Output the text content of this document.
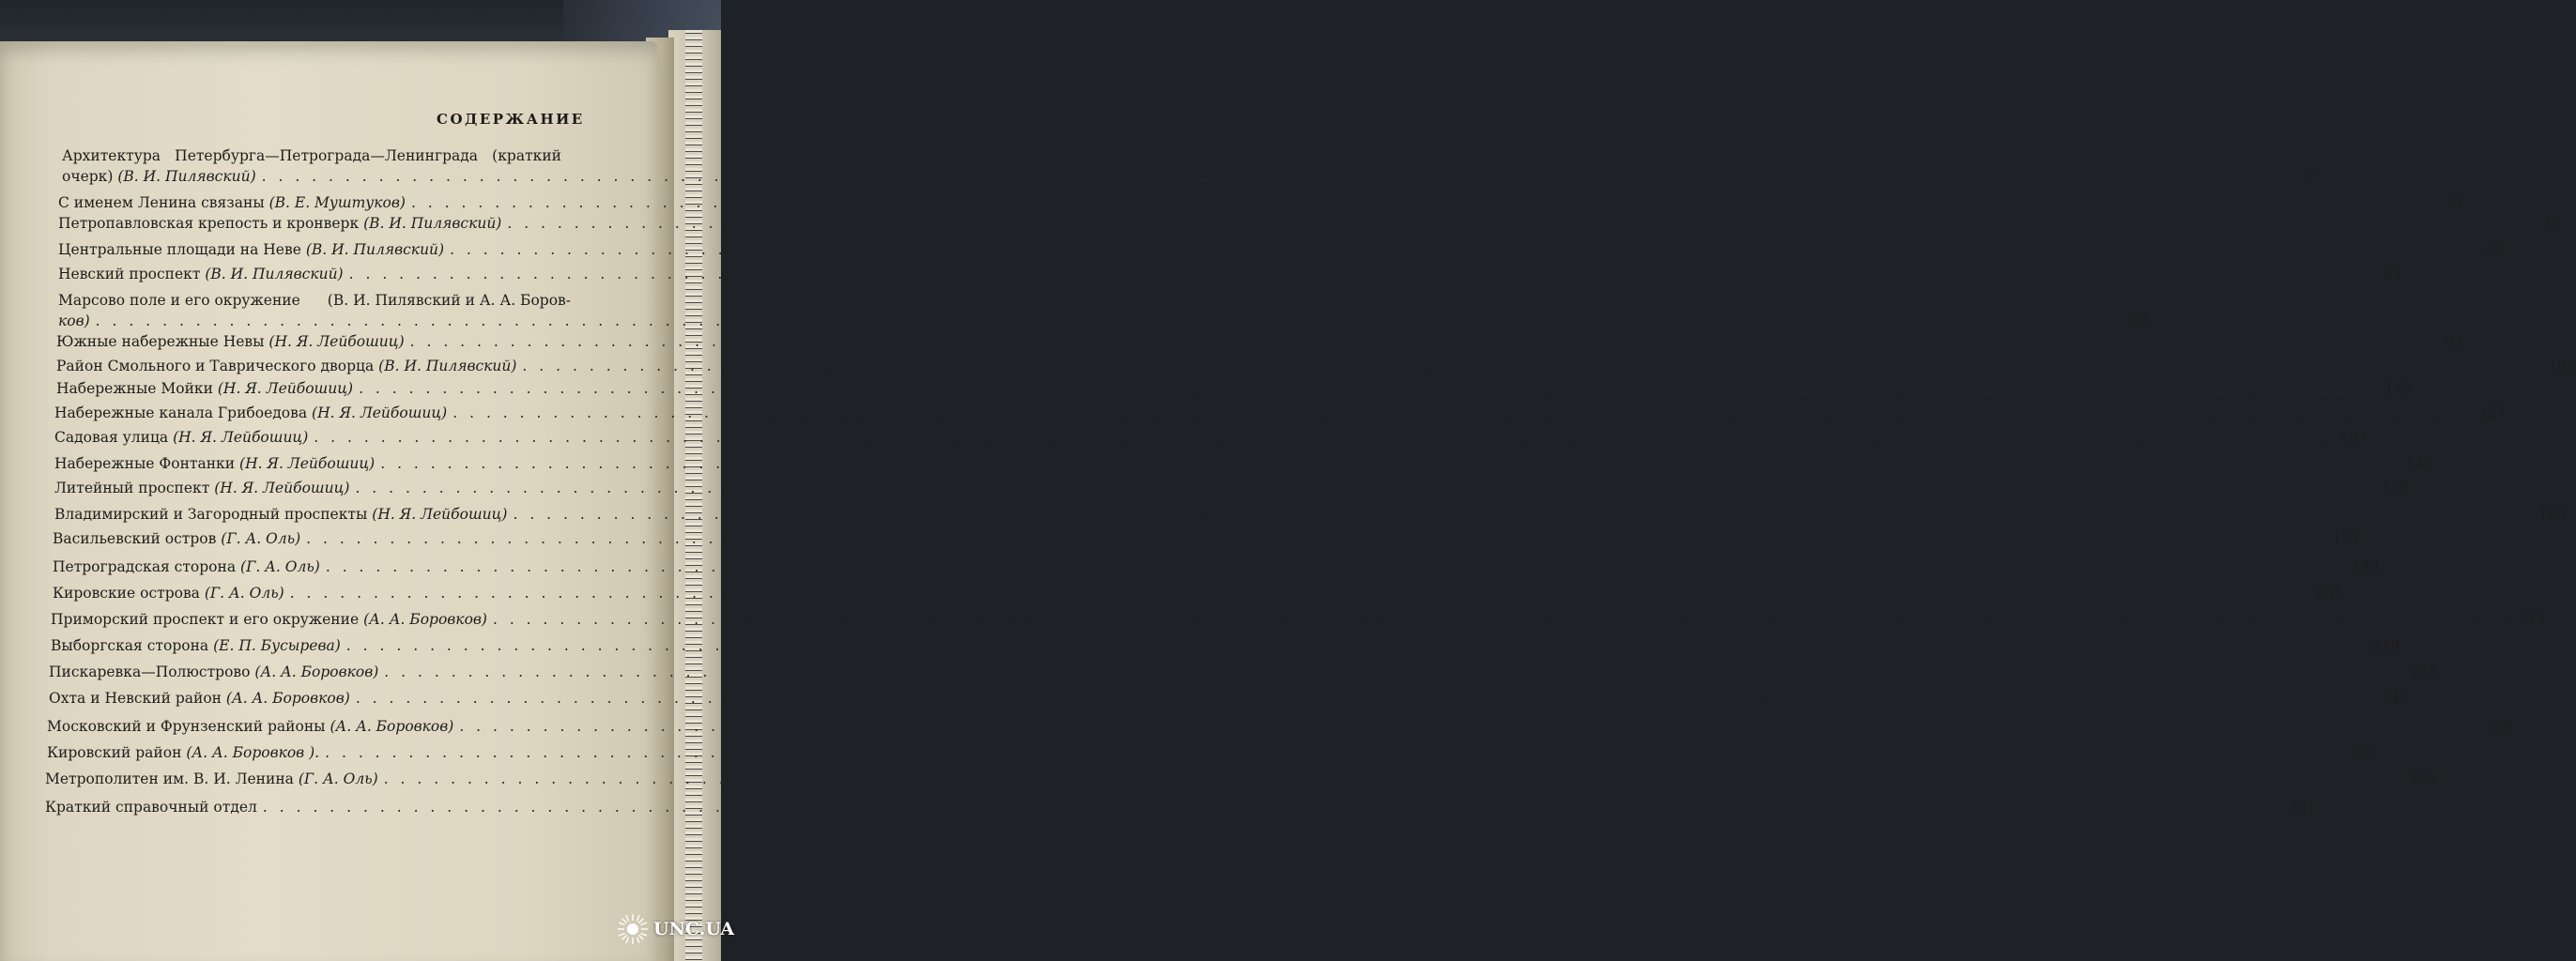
СОДЕРЖАНИЕ
Архитектура Петербурга—Петрограда—Ленинграда (краткий
очерк)
(В. И. Пилявский) . . .	7
С именем Ленина связаны
(В. Е. Муштуков) . . .	21
Петропавловская крепость и кронверк
(В. И. Пилявский) . . .	37
Центральные площади на Неве
(В. И. Пилявский) . . .	45
Невский проспект
(В. И. Пилявский) . . .	61
Марсово поле и его окружение (В. И. Пилявский и А. А. Боров-
ков) . . .	83
Южные набережные Невы
(Н. Я. Лейбошиц) . . .	93
Район Смольного и Таврического дворца
(В. И. Пилявский) . . .	105
Набережные Мойки
(Н. Я. Лейбошиц) . . .	115
Набережные канала Грибоедова
(Н. Я. Лейбошиц) . . .	127
Садовая улица
(Н. Я. Лейбошиц) . . .	137
Набережные Фонтанки
(Н. Я. Лейбошиц) . . .	145
Литейный проспект
(Н. Я. Лейбошиц) . . .	159
Владимирский и Загородный проспекты
(Н. Я. Лейбошиц) . . .	165
Васильевский остров
(Г. А. Оль) . . .	173
Петроградская сторона
(Г. А. Оль) . . .	189
Кировские острова
(Г. А. Оль) . . .	201
Приморский проспект и его окружение
(А. А. Боровков) . . .	213
Выборгская сторона
(Е. П. Бусырева) . . .	219
Пискаревка—Полюстрово
(А. А. Боровков) . . .	235
Охта и Невский район
(А. А. Боровков) . . .	243
Московский и Фрунзенский районы
(А. А. Боровков) . . .	259
Кировский район
(А. А. Боровков ). . . .	271
Метрополитен им. В. И. Ленина
(Г. А. Оль) . . .	285
Краткий справочный отдел . . .	291
UNC.UA
